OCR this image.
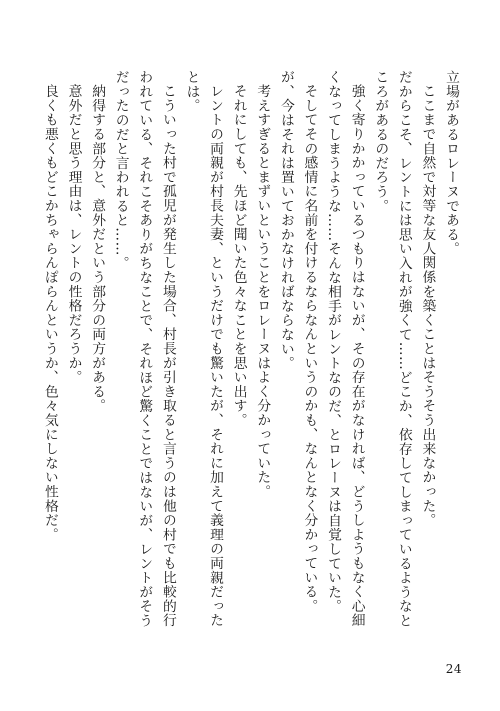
立場があるロレーヌである。

ここまで自然で対等な友人関係を築くことはそうそう出来なかった。

だからこそ、レントには思い入れが強くて……どこか、依存してしまっているようなところがあるのだろう。

強く寄りかかっているつもりはないが、その存在がなければ、どうしようもなく心細くなってしまうような……そんな相手がレントなのだ、とロレーヌは自覚していた。

そしてその感情に名前を付けるならなんというのかも、なんとなく分かっている。

が、今はそれは置いておかなければならない。

考えすぎるとまずいということをロレーヌはよく分かっていた。

それにしても、先ほど聞いた色々なことを思い出す。

レントの両親が村長夫妻、というだけでも驚いたが、それに加えて義理の両親だったとは。

こういった村で孤児が発生した場合、村長が引き取ると言うのは他の村でも比較的行われている、それこそありがちなことで、それほど驚くことではないが、レントがそうだったのだと言われると……。

納得する部分と、意外だという部分の両方がある。

意外だと思う理由は、レントの性格だろうか。

良くも悪くもどこかちゃらんぽらんというか、色々気にしない性格だ。

24
